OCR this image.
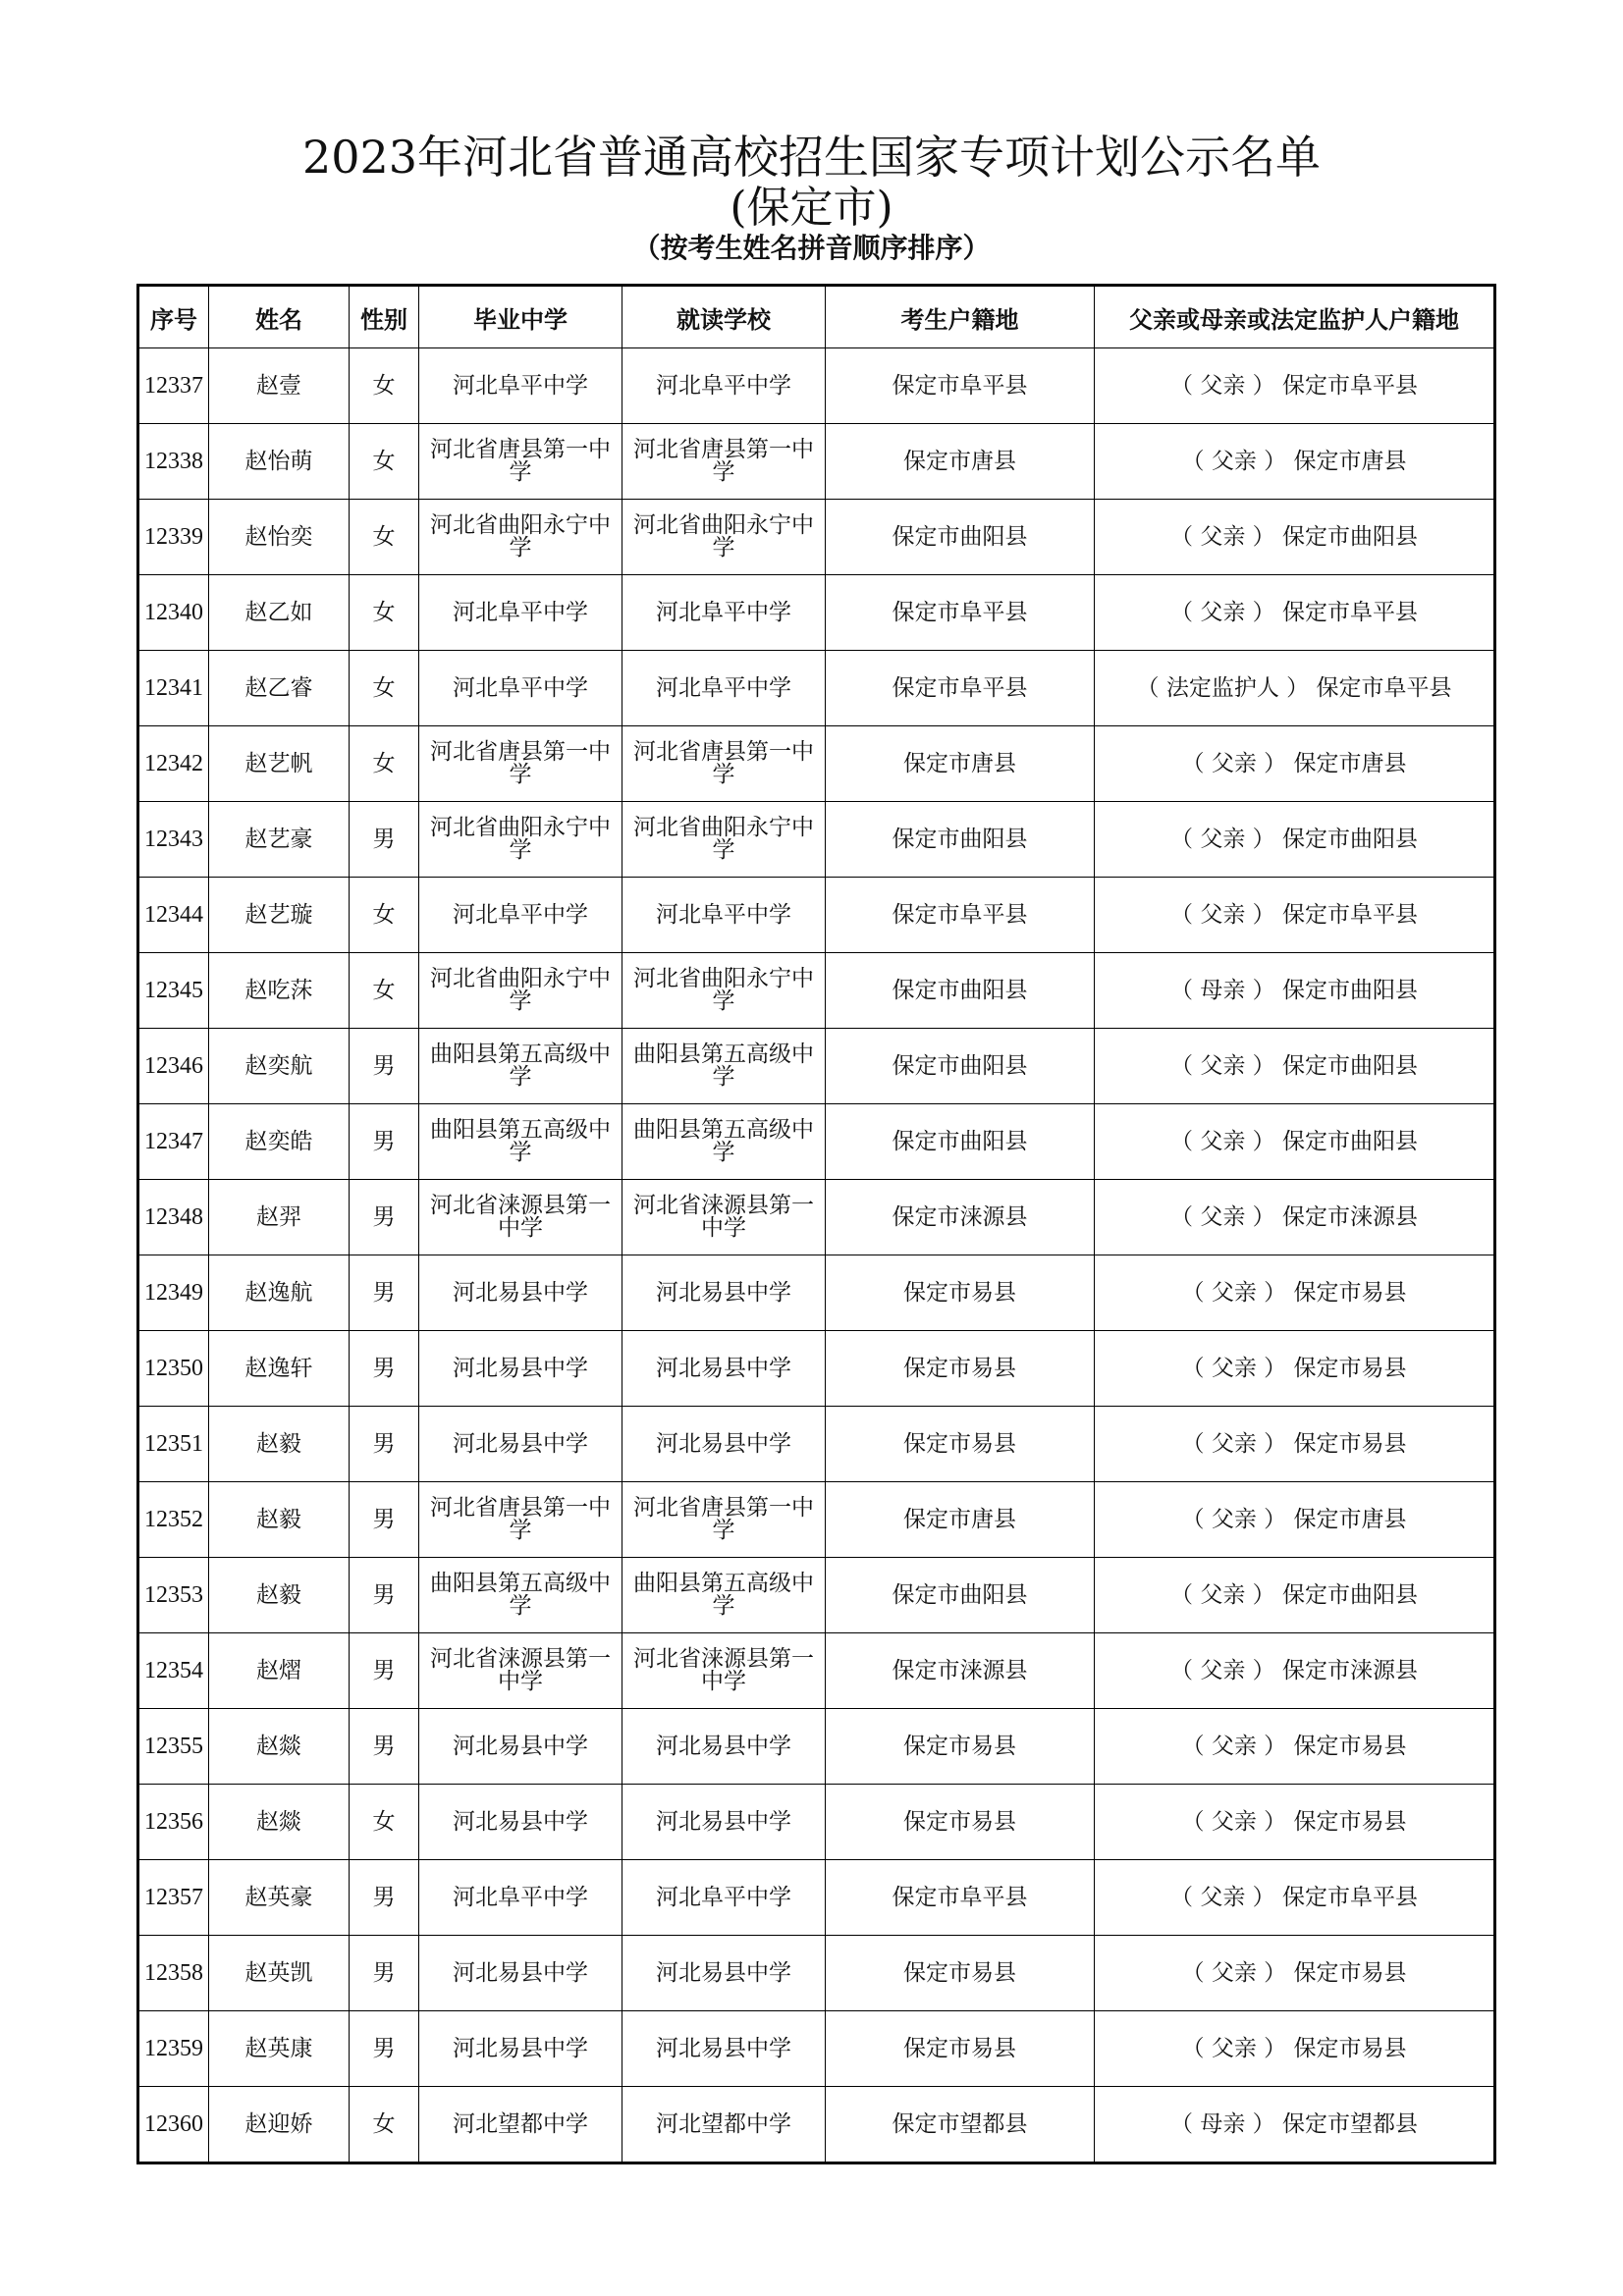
2023年河北省普通高校招生国家专项计划公示名单
(保定市)
（按考生姓名拼音顺序排序）
序号	姓名	性别	毕业中学	就读学校	考生户籍地	父亲或母亲或法定监护人户籍地
12337	赵壹	女	河北阜平中学	河北阜平中学	保定市阜平县	（ 父亲 ） 保定市阜平县
12338	赵怡萌	女	河北省唐县第一中学	河北省唐县第一中学	保定市唐县	（ 父亲 ） 保定市唐县
12339	赵怡奕	女	河北省曲阳永宁中学	河北省曲阳永宁中学	保定市曲阳县	（ 父亲 ） 保定市曲阳县
12340	赵乙如	女	河北阜平中学	河北阜平中学	保定市阜平县	（ 父亲 ） 保定市阜平县
12341	赵乙睿	女	河北阜平中学	河北阜平中学	保定市阜平县	（ 法定监护人 ） 保定市阜平县
12342	赵艺帆	女	河北省唐县第一中学	河北省唐县第一中学	保定市唐县	（ 父亲 ） 保定市唐县
12343	赵艺豪	男	河北省曲阳永宁中学	河北省曲阳永宁中学	保定市曲阳县	（ 父亲 ） 保定市曲阳县
12344	赵艺璇	女	河北阜平中学	河北阜平中学	保定市阜平县	（ 父亲 ） 保定市阜平县
12345	赵吃莯	女	河北省曲阳永宁中学	河北省曲阳永宁中学	保定市曲阳县	（ 母亲 ） 保定市曲阳县
12346	赵奕航	男	曲阳县第五高级中学	曲阳县第五高级中学	保定市曲阳县	（ 父亲 ） 保定市曲阳县
12347	赵奕皓	男	曲阳县第五高级中学	曲阳县第五高级中学	保定市曲阳县	（ 父亲 ） 保定市曲阳县
12348	赵羿	男	河北省涞源县第一中学	河北省涞源县第一中学	保定市涞源县	（ 父亲 ） 保定市涞源县
12349	赵逸航	男	河北易县中学	河北易县中学	保定市易县	（ 父亲 ） 保定市易县
12350	赵逸轩	男	河北易县中学	河北易县中学	保定市易县	（ 父亲 ） 保定市易县
12351	赵毅	男	河北易县中学	河北易县中学	保定市易县	（ 父亲 ） 保定市易县
12352	赵毅	男	河北省唐县第一中学	河北省唐县第一中学	保定市唐县	（ 父亲 ） 保定市唐县
12353	赵毅	男	曲阳县第五高级中学	曲阳县第五高级中学	保定市曲阳县	（ 父亲 ） 保定市曲阳县
12354	赵熠	男	河北省涞源县第一中学	河北省涞源县第一中学	保定市涞源县	（ 父亲 ） 保定市涞源县
12355	赵燚	男	河北易县中学	河北易县中学	保定市易县	（ 父亲 ） 保定市易县
12356	赵燚	女	河北易县中学	河北易县中学	保定市易县	（ 父亲 ） 保定市易县
12357	赵英豪	男	河北阜平中学	河北阜平中学	保定市阜平县	（ 父亲 ） 保定市阜平县
12358	赵英凯	男	河北易县中学	河北易县中学	保定市易县	（ 父亲 ） 保定市易县
12359	赵英康	男	河北易县中学	河北易县中学	保定市易县	（ 父亲 ） 保定市易县
12360	赵迎娇	女	河北望都中学	河北望都中学	保定市望都县	（ 母亲 ） 保定市望都县
